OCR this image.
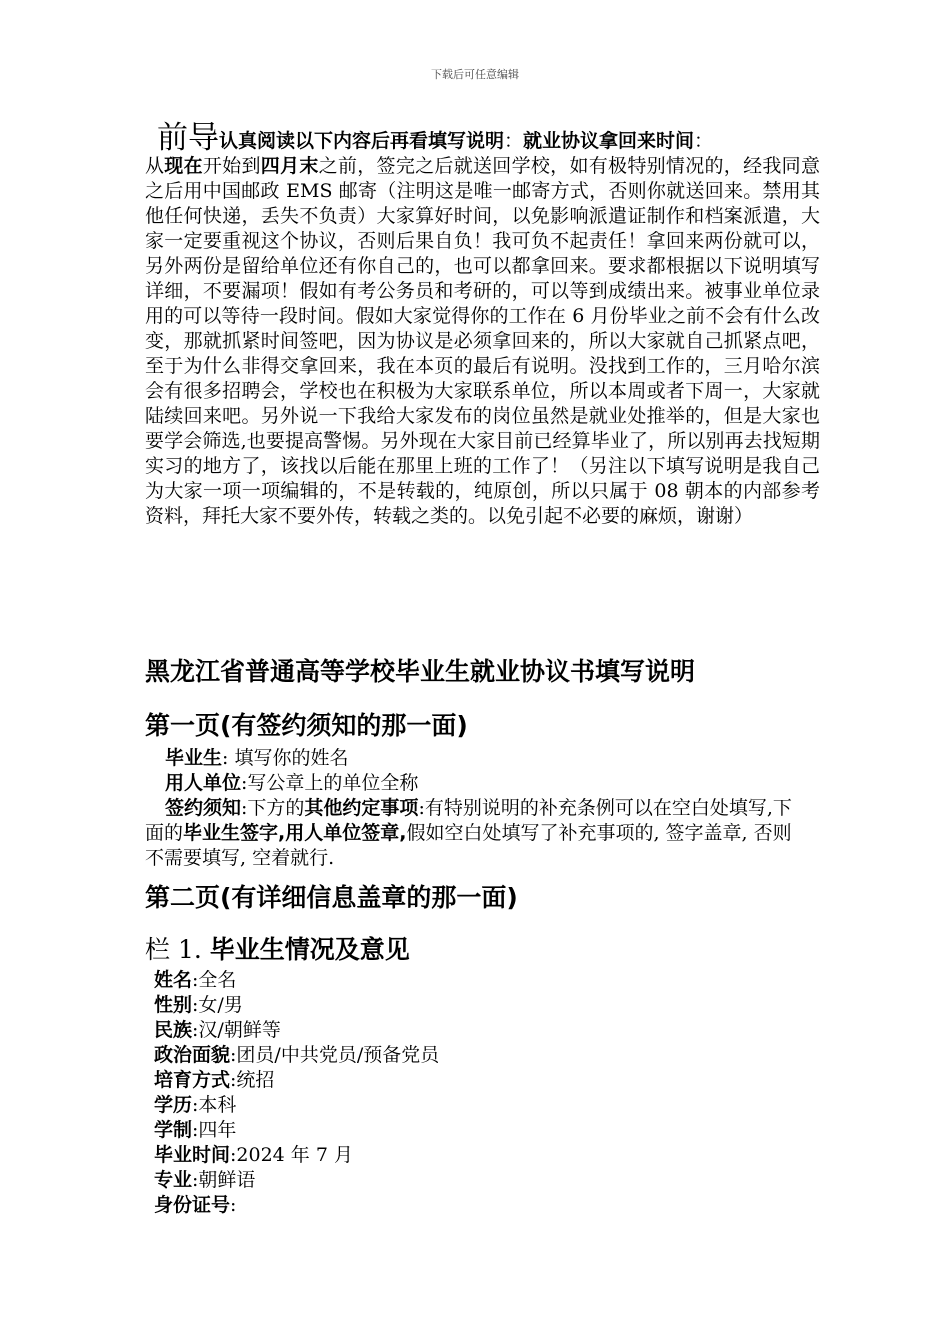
下载后可任意编辑
前导认真阅读以下内容后再看填写说明：就业协议拿回来时间：
从现在开始到四月末之前，签完之后就送回学校，如有极特别情况的，经我同意之后用中国邮政 EMS 邮寄（注明这是唯一邮寄方式，否则你就送回来。禁用其他任何快递，丢失不负责）大家算好时间，以免影响派遣证制作和档案派遣，大家一定要重视这个协议，否则后果自负！我可负不起责任！拿回来两份就可以，另外两份是留给单位还有你自己的，也可以都拿回来。要求都根据以下说明填写详细，不要漏项！假如有考公务员和考研的，可以等到成绩出来。被事业单位录用的可以等待一段时间。假如大家觉得你的工作在 6 月份毕业之前不会有什么改变，那就抓紧时间签吧，因为协议是必须拿回来的，所以大家就自己抓紧点吧，至于为什么非得交拿回来，我在本页的最后有说明。没找到工作的，三月哈尔滨会有很多招聘会，学校也在积极为大家联系单位，所以本周或者下周一，大家就陆续回来吧。另外说一下我给大家发布的岗位虽然是就业处推举的，但是大家也要学会筛选,也要提高警惕。另外现在大家目前已经算毕业了，所以别再去找短期实习的地方了，该找以后能在那里上班的工作了！（另注以下填写说明是我自己为大家一项一项编辑的，不是转载的，纯原创，所以只属于 08 朝本的内部参考资料，拜托大家不要外传，转载之类的。以免引起不必要的麻烦，谢谢）
黑龙江省普通高等学校毕业生就业协议书填写说明
第一页(有签约须知的那一面)
毕业生: 填写你的姓名
用人单位:写公章上的单位全称
签约须知:下方的其他约定事项:有特别说明的补充条例可以在空白处填写,下面的毕业生签字,用人单位签章,假如空白处填写了补充事项的, 签字盖章, 否则不需要填写, 空着就行.
第二页(有详细信息盖章的那一面)
栏 1. 毕业生情况及意见
姓名:全名
性别:女/男
民族:汉/朝鲜等
政治面貌:团员/中共党员/预备党员
培育方式:统招
学历:本科
学制:四年
毕业时间:2024 年 7 月
专业:朝鲜语
身份证号:
